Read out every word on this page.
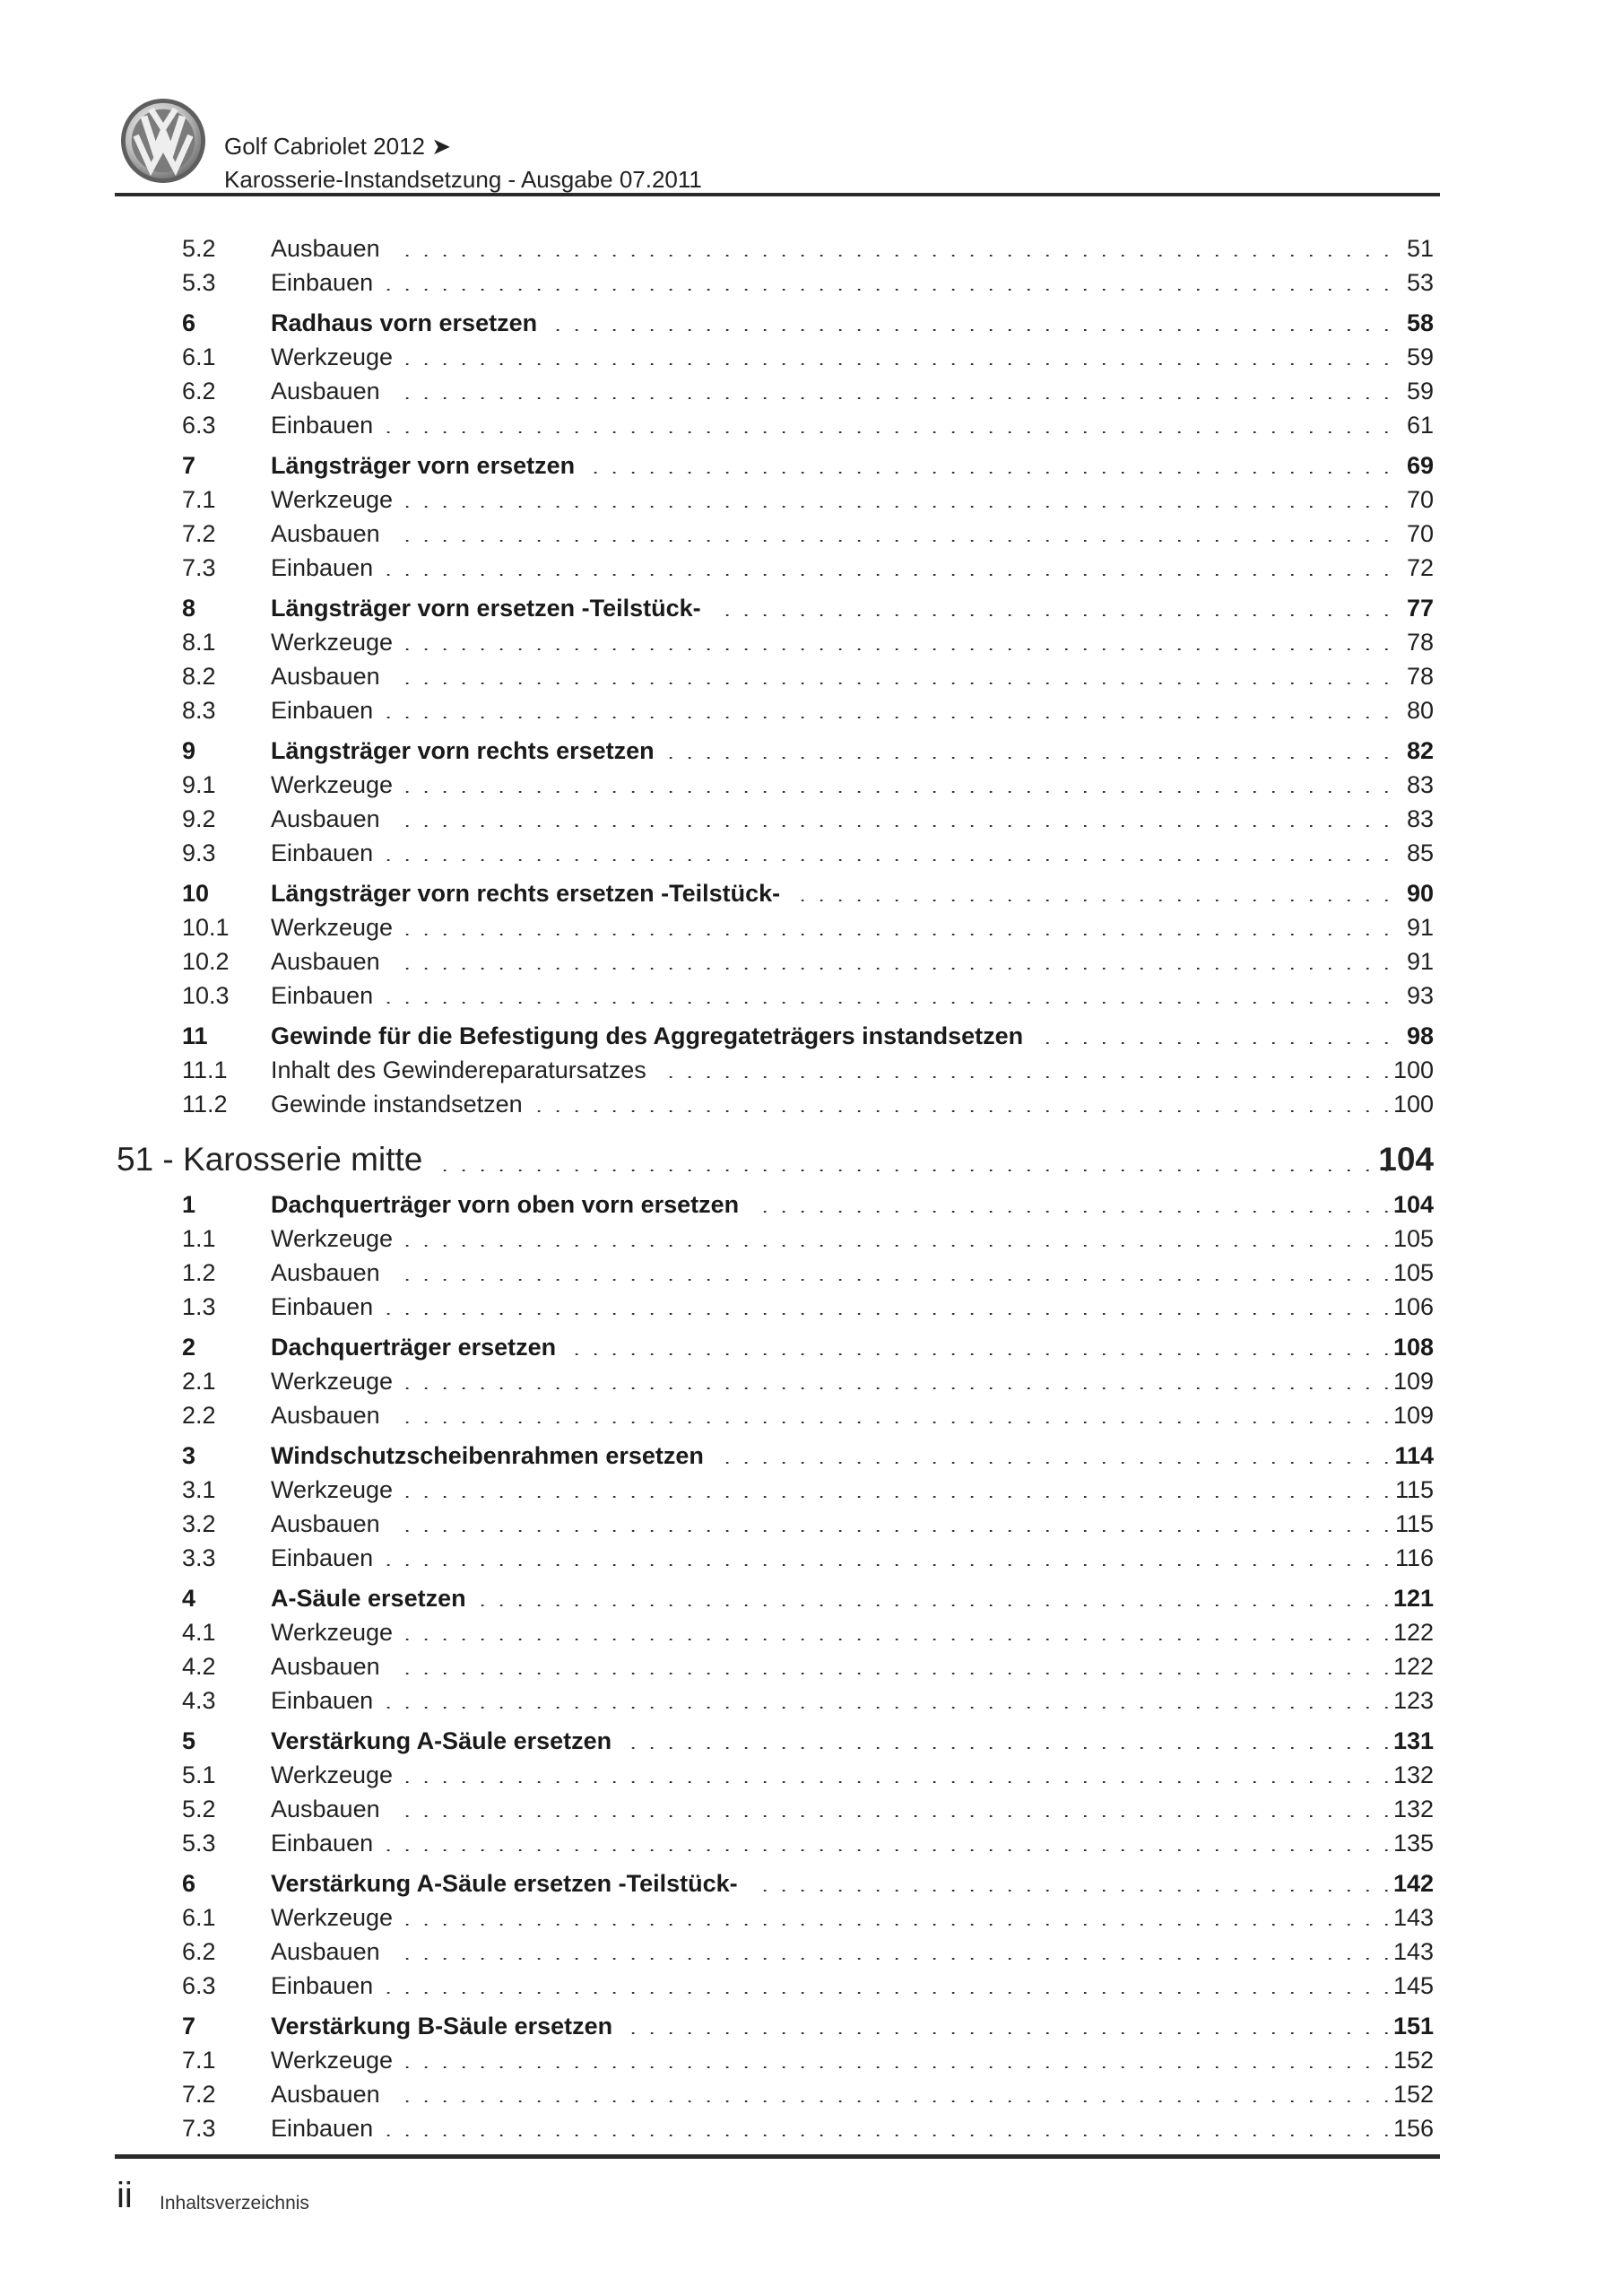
Golf Cabriolet 2012 ➤
Karosserie-Instandsetzung - Ausgabe 07.2011
5.2 . . . Ausbauen	51
5.3 . . . Einbauen	53
6 . . .	Radhaus vorn ersetzen	58
6.1 . . . Werkzeuge	59
6.2 . . . Ausbauen	59
6.3 . . . Einbauen	61
7 . . .	Längsträger vorn ersetzen	69
7.1 . . . Werkzeuge	70
7.2 . . . Ausbauen	70
7.3 . . . Einbauen	72
8 . . .	Längsträger vorn ersetzen -Teilstück-	77
8.1 . . . Werkzeuge	78
8.2 . . . Ausbauen	78
8.3 . . . Einbauen	80
9 . . .	Längsträger vorn rechts ersetzen	82
9.1 . . . Werkzeuge	83
9.2 . . . Ausbauen	83
9.3 . . . Einbauen	85
10 . . .	Längsträger vorn rechts ersetzen -Teilstück-	90
10.1 . . . Werkzeuge	91
10.2 . . . Ausbauen	91
10.3 . . . Einbauen	93
11 . . .	Gewinde für die Befestigung des Aggregateträgers instandsetzen	98
11.1 . . . Inhalt des Gewindereparatursatzes	100
11.2 . . . Gewinde instandsetzen	100
. . .
51 - Karosserie mitte	104
1 . . .	Dachquerträger vorn oben vorn ersetzen	104
1.1 . . . Werkzeuge	105
1.2 . . . Ausbauen	105
1.3 . . . Einbauen	106
2 . . .	Dachquerträger ersetzen	108
2.1 . . . Werkzeuge	109
2.2 . . . Ausbauen	109
3 . . .	Windschutzscheibenrahmen ersetzen	114
3.1 . . . Werkzeuge	115
3.2 . . . Ausbauen	115
3.3 . . . Einbauen	116
4 . . .	A-Säule ersetzen	121
4.1 . . . Werkzeuge	122
4.2 . . . Ausbauen	122
4.3 . . . Einbauen	123
5 . . .	Verstärkung A-Säule ersetzen	131
5.1 . . . Werkzeuge	132
5.2 . . . Ausbauen	132
5.3 . . . Einbauen	135
6 . . .	Verstärkung A-Säule ersetzen -Teilstück-	142
6.1 . . . Werkzeuge	143
6.2 . . . Ausbauen	143
6.3 . . . Einbauen	145
7 . . .	Verstärkung B-Säule ersetzen	151
7.1 . . . Werkzeuge	152
7.2 . . . Ausbauen	152
7.3 . . . Einbauen	156
ii Inhaltsverzeichnis
